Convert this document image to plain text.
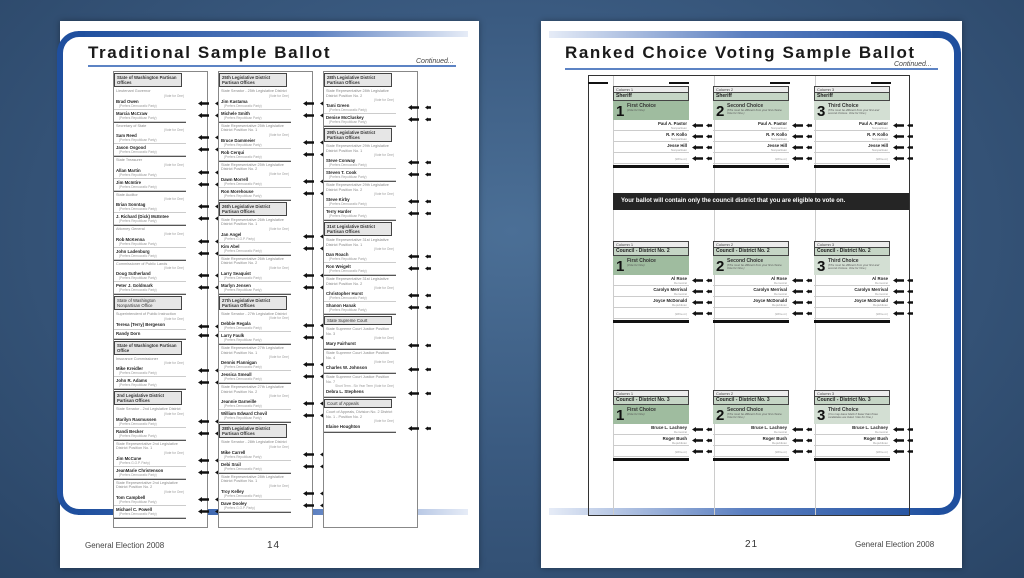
Traditional Sample Ballot	Continued...
State of Washington Partisan Offices
Lieutenant Governor
(Vote for One)
Brad Owen
(Prefers Democratic Party)
Marcia McCraw
(Prefers Republican Party)
Secretary of State
(Vote for One)
Sam Reed
(Prefers Republican Party)
Jason Osgood
(Prefers Democratic Party)
State Treasurer
(Vote for One)
Allan Martin
(Prefers Republican Party)
Jim McIntire
(Prefers Democratic Party)
State Auditor
(Vote for One)
Brian Sonntag
(Prefers Democratic Party)
J. Richard (Dick) McEntee
(Prefers Republican Party)
Attorney General
(Vote for One)
Rob McKenna
(Prefers Republican Party)
John Ladenburg
(Prefers Democratic Party)
Commissioner of Public Lands
(Vote for One)
Doug Sutherland
(Prefers Republican Party)
Peter J. Goldmark
(Prefers Democratic Party)
State of Washington Nonpartisan Office
Superintendent of Public Instruction
(Vote for One)
Teresa (Terry) Bergeson
Randy Dorn
State of Washington Partisan Office
Insurance Commissioner
(Vote for One)
Mike Kreidler
(Prefers Democratic Party)
John R. Adams
(Prefers Republican Party)
2nd Legislative District Partisan Offices
State Senator - 2nd Legislative District
(Vote for One)
Marilyn Rasmussen
(Prefers Democratic Party)
Randi Becker
(Prefers Republican Party)
State Representative 2nd Legislative District Position No. 1
(Vote for One)
Jim McCune
(Prefers G.O.P. Party)
JeanMarie Christenson
(Prefers Democratic Party)
State Representative 2nd Legislative District Position No. 2
(Vote for One)
Tom Campbell
(Prefers Republican Party)
Michael C. Powell
(Prefers Democratic Party)
25th Legislative District Partisan Offices
State Senator - 25th Legislative District
(Vote for One)
Jim Kastama
(Prefers Democratic Party)
Michele Smith
(Prefers Republican Party)
State Representative 25th Legislative District Position No. 1
(Vote for One)
Bruce Dammeier
(Prefers Republican Party)
Rob Cerqui
(Prefers Democratic Party)
State Representative 25th Legislative District Position No. 2
(Vote for One)
Dawn Morrell
(Prefers Democratic Party)
Ron Morehouse
(Prefers Republican Party)
26th Legislative District Partisan Offices
State Representative 26th Legislative District Position No. 1
(Vote for One)
Jan Angel
(Prefers G.O.P. Party)
Kim Abel
(Prefers Democratic Party)
State Representative 26th Legislative District Position No. 2
(Vote for One)
Larry Seaquist
(Prefers Democratic Party)
Marlyn Jensen
(Prefers Republican Party)
27th Legislative District Partisan Offices
State Senator - 27th Legislative District
(Vote for One)
Debbie Regala
(Prefers Democratic Party)
Larry Faulk
(Prefers Republican Party)
State Representative 27th Legislative District Position No. 1
(Vote for One)
Dennis Flannigan
(Prefers Democratic Party)
Jessica Smeall
(Prefers Democratic Party)
State Representative 27th Legislative District Position No. 2
(Vote for One)
Jeannie Darneille
(Prefers Democratic Party)
William Edward Chovil
(Prefers Republican Party)
28th Legislative District Partisan Offices
State Senator - 28th Legislative District
(Vote for One)
Mike Carrell
(Prefers Republican Party)
Debi Srail
(Prefers Democratic Party)
State Representative 28th Legislative District Position No. 1
(Vote for One)
Troy Kelley
(Prefers Democratic Party)
Dave Dooley
(Prefers G.O.P. Party)
28th Legislative District Partisan Offices
State Representative 28th Legislative District Position No. 2
(Vote for One)
Tami Green
(Prefers Democratic Party)
Denise McCluskey
(Prefers Republican Party)
29th Legislative District Partisan Offices
State Representative 29th Legislative District Position No. 1
(Vote for One)
Steve Conway
(Prefers Democratic Party)
Steven T. Cook
(Prefers Republican Party)
State Representative 29th Legislative District Position No. 2
(Vote for One)
Steve Kirby
(Prefers Democratic Party)
Terry Harder
(Prefers Republican Party)
31st Legislative District Partisan Offices
State Representative 31st Legislative District Position No. 1
(Vote for One)
Dan Roach
(Prefers Republican Party)
Ron Weigelt
(Prefers Democratic Party)
State Representative 31st Legislative District Position No. 2
(Vote for One)
Christopher Hurst
(Prefers Democratic Party)
Shanon Hanak
(Prefers Republican Party)
State Supreme Court
State Supreme Court Justice Position No. 3
(Vote for One)
Mary Fairhurst
State Supreme Court Justice Position No. 4
(Vote for One)
Charles W. Johnson
State Supreme Court Justice Position No. 7
Short Term - Six Year Term (Vote for One)
Debra L. Stephens
Court of Appeals
Court of Appeals, Division No. 2 District No. 1 - Position No. 2
(Vote for One)
Elaine Houghton
General Election 2008	14
Ranked Choice Voting Sample Ballot
Continued...
Column 1
Sheriff
1 First Choice
(Vote for One)
Paul A. Pastor
Nonpartisan
R. P. Kollo
Nonpartisan
Jesse Hill
Nonpartisan
(Write-in)
Column 2
Sheriff
2 Second Choice
(This must be different from your first choice. Vote for One.)
Paul A. Pastor
Nonpartisan
R. P. Kollo
Nonpartisan
Jesse Hill
Nonpartisan
(Write-in)
Column 3
Sheriff
3 Third Choice
(This must be different from your first and second choices. Vote for One.)
Paul A. Pastor
Nonpartisan
R. P. Kollo
Nonpartisan
Jesse Hill
Nonpartisan
(Write-in)
Column 1
Council - District No. 2
1 First Choice
(Vote for One)
Al Rose
Democrat
Carolyn Merrival
Democrat
Joyce McDonald
Republican
(Write-in)
Column 2
Council - District No. 2
2 Second Choice
(This must be different from your first choice. Vote for One.)
Al Rose
Democrat
Carolyn Merrival
Democrat
Joyce McDonald
Republican
(Write-in)
Column 3
Council - District No. 2
3 Third Choice
(This must be different from your first and second choices. Vote for One.)
Al Rose
Democrat
Carolyn Merrival
Democrat
Joyce McDonald
Republican
(Write-in)
Column 1
Council - District No. 3
1 First Choice
(Vote for One)
Bruce L. Lachney
Democrat
Roger Bush
Republican
(Write-in)
Column 2
Council - District No. 3
2 Second Choice
(This must be different from your first choice. Vote for One.)
Bruce L. Lachney
Democrat
Roger Bush
Republican
(Write-in)
Column 3
Council - District No. 3
3 Third Choice
(You may leave blank if fewer than three candidates are listed. Vote for One.)
Bruce L. Lachney
Democrat
Roger Bush
Republican
(Write-in)
Your ballot will contain only the council district that you are eligible to vote on.
21	General Election 2008
